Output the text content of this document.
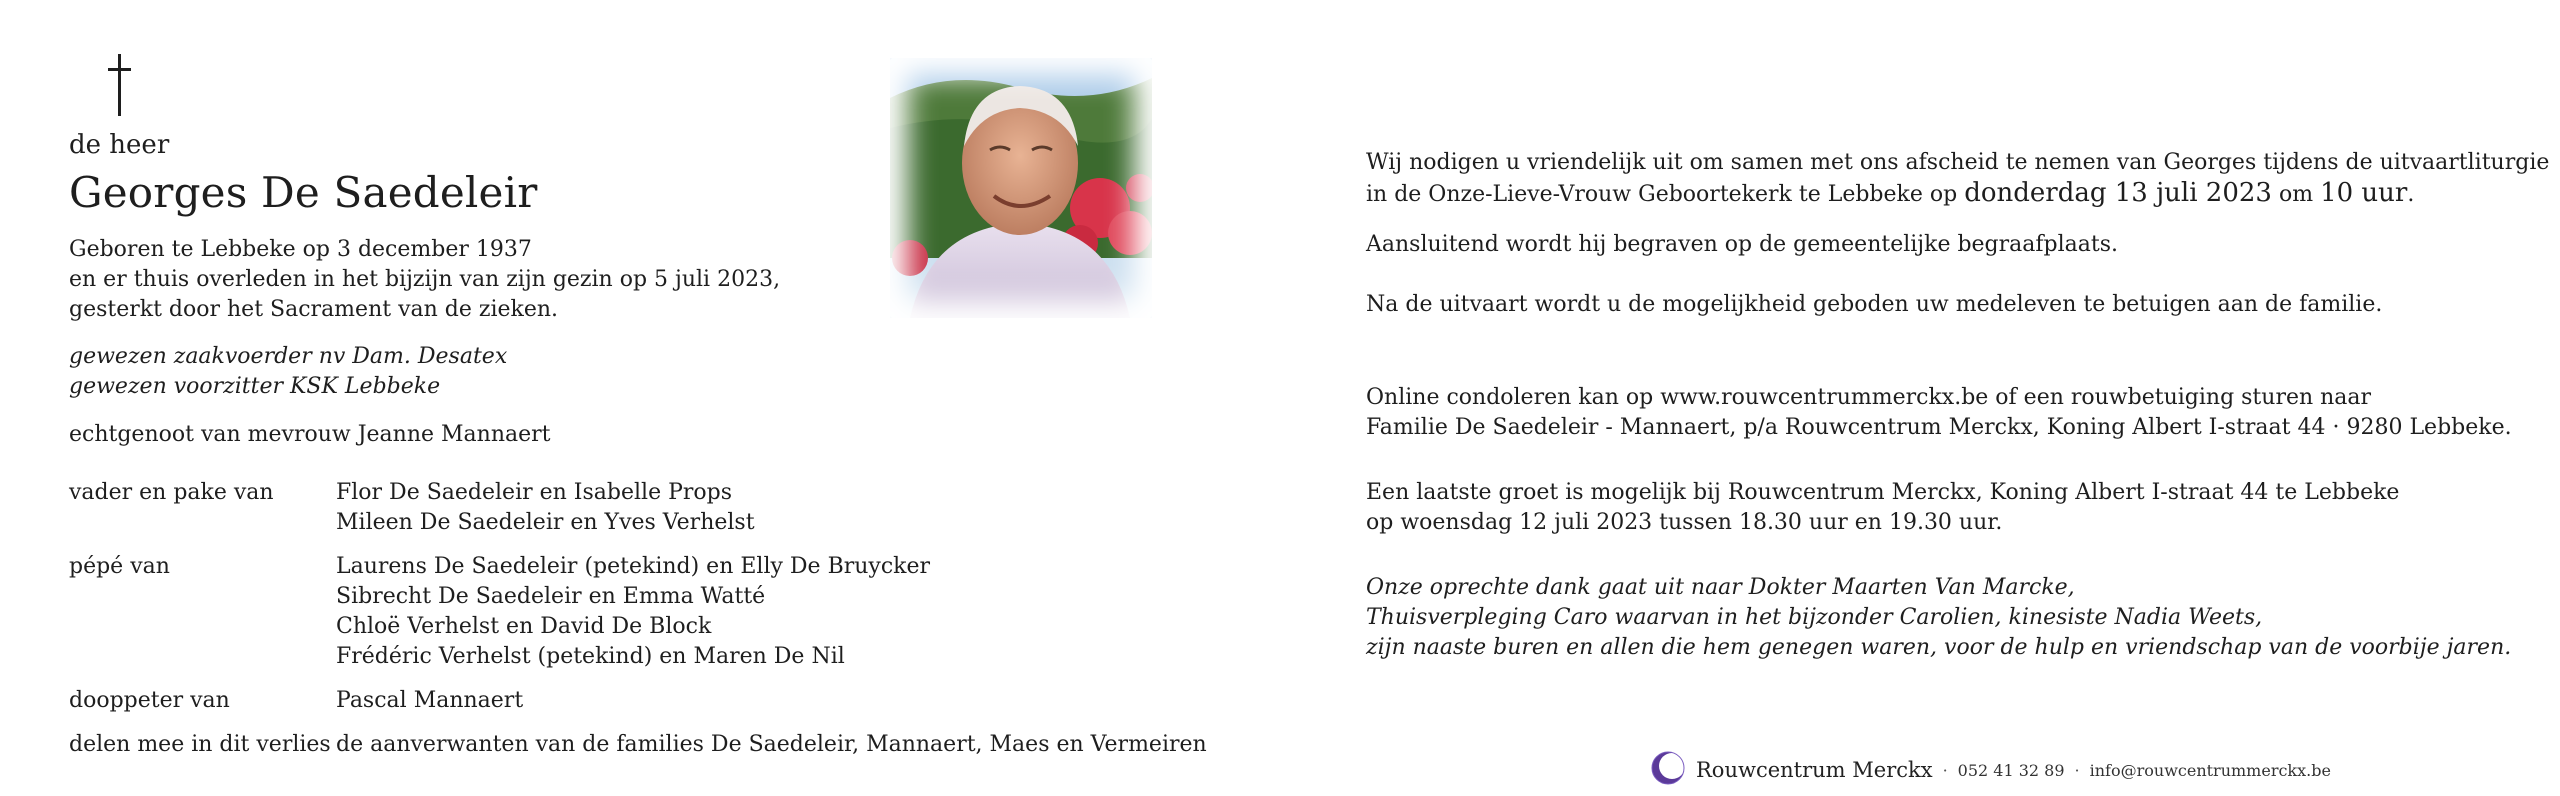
de heer
Georges De Saedeleir
Geboren te Lebbeke op 3 december 1937
en er thuis overleden in het bijzijn van zijn gezin op 5 juli 2023,
gesterkt door het Sacrament van de zieken.
gewezen zaakvoerder nv Dam. Desatex
gewezen voorzitter KSK Lebbeke
echtgenoot van mevrouw Jeanne Mannaert
vader en pake van	Flor De Saedeleir en Isabelle Props
Mileen De Saedeleir en Yves Verhelst
pépé van	Laurens De Saedeleir (petekind) en Elly De Bruycker
Sibrecht De Saedeleir en Emma Watté
Chloë Verhelst en David De Block
Frédéric Verhelst (petekind) en Maren De Nil
dooppeter van	Pascal Mannaert
delen mee in dit verlies de aanverwanten van de families De Saedeleir, Mannaert, Maes en Vermeiren
Wij nodigen u vriendelijk uit om samen met ons afscheid te nemen van Georges tijdens de uitvaartliturgie
in de Onze-Lieve-Vrouw Geboortekerk te Lebbeke op donderdag 13 juli 2023 om 10 uur.
Aansluitend wordt hij begraven op de gemeentelijke begraafplaats.
Na de uitvaart wordt u de mogelijkheid geboden uw medeleven te betuigen aan de familie.
Online condoleren kan op www.rouwcentrummerckx.be of een rouwbetuiging sturen naar
Familie De Saedeleir - Mannaert, p/a Rouwcentrum Merckx, Koning Albert I-straat 44 · 9280 Lebbeke.
Een laatste groet is mogelijk bij Rouwcentrum Merckx, Koning Albert I-straat 44 te Lebbeke
op woensdag 12 juli 2023 tussen 18.30 uur en 19.30 uur.
Onze oprechte dank gaat uit naar Dokter Maarten Van Marcke,
Thuisverpleging Caro waarvan in het bijzonder Carolien, kinesiste Nadia Weets,
zijn naaste buren en allen die hem genegen waren, voor de hulp en vriendschap van de voorbije jaren.
Rouwcentrum Merckx · 052 41 32 89 · info@rouwcentrummerckx.be
